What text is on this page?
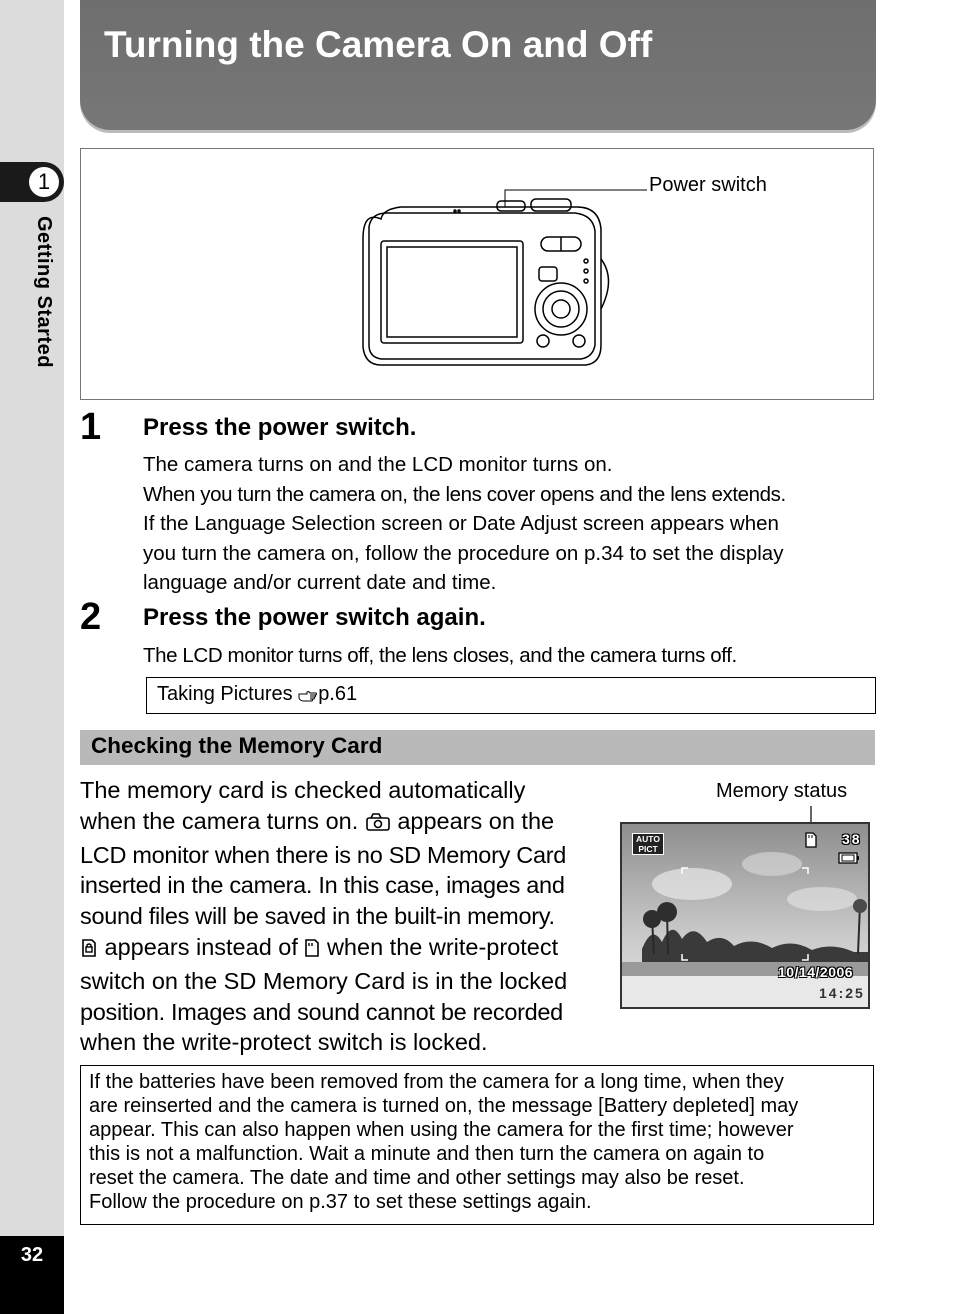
1
Getting Started
32
Turning the Camera On and Off
Power switch
1 Press the power switch.

The camera turns on and the LCD monitor turns on.

When you turn the camera on, the lens cover opens and the lens extends.

If the Language Selection screen or Date Adjust screen appears when

you turn the camera on, follow the procedure on p.34 to set the display

language and/or current date and time.

2 Press the power switch again.

The LCD monitor turns off, the lens closes, and the camera turns off.

Taking Pictures p.61
Checking the Memory Card

The memory card is checked automatically

when the camera turns on. appears on the

LCD monitor when there is no SD Memory Card

inserted in the camera. In this case, images and

sound files will be saved in the built-in memory.

appears instead of when the write-protect

switch on the SD Memory Card is in the locked

position. Images and sound cannot be recorded

when the write-protect switch is locked.

Memory status
AUTO
PICT
38
10/14/2006
14:25

If the batteries have been removed from the camera for a long time, when they

are reinserted and the camera is turned on, the message [Battery depleted] may

appear. This can also happen when using the camera for the first time; however

this is not a malfunction. Wait a minute and then turn the camera on again to

reset the camera. The date and time and other settings may also be reset.

Follow the procedure on p.37 to set these settings again.
